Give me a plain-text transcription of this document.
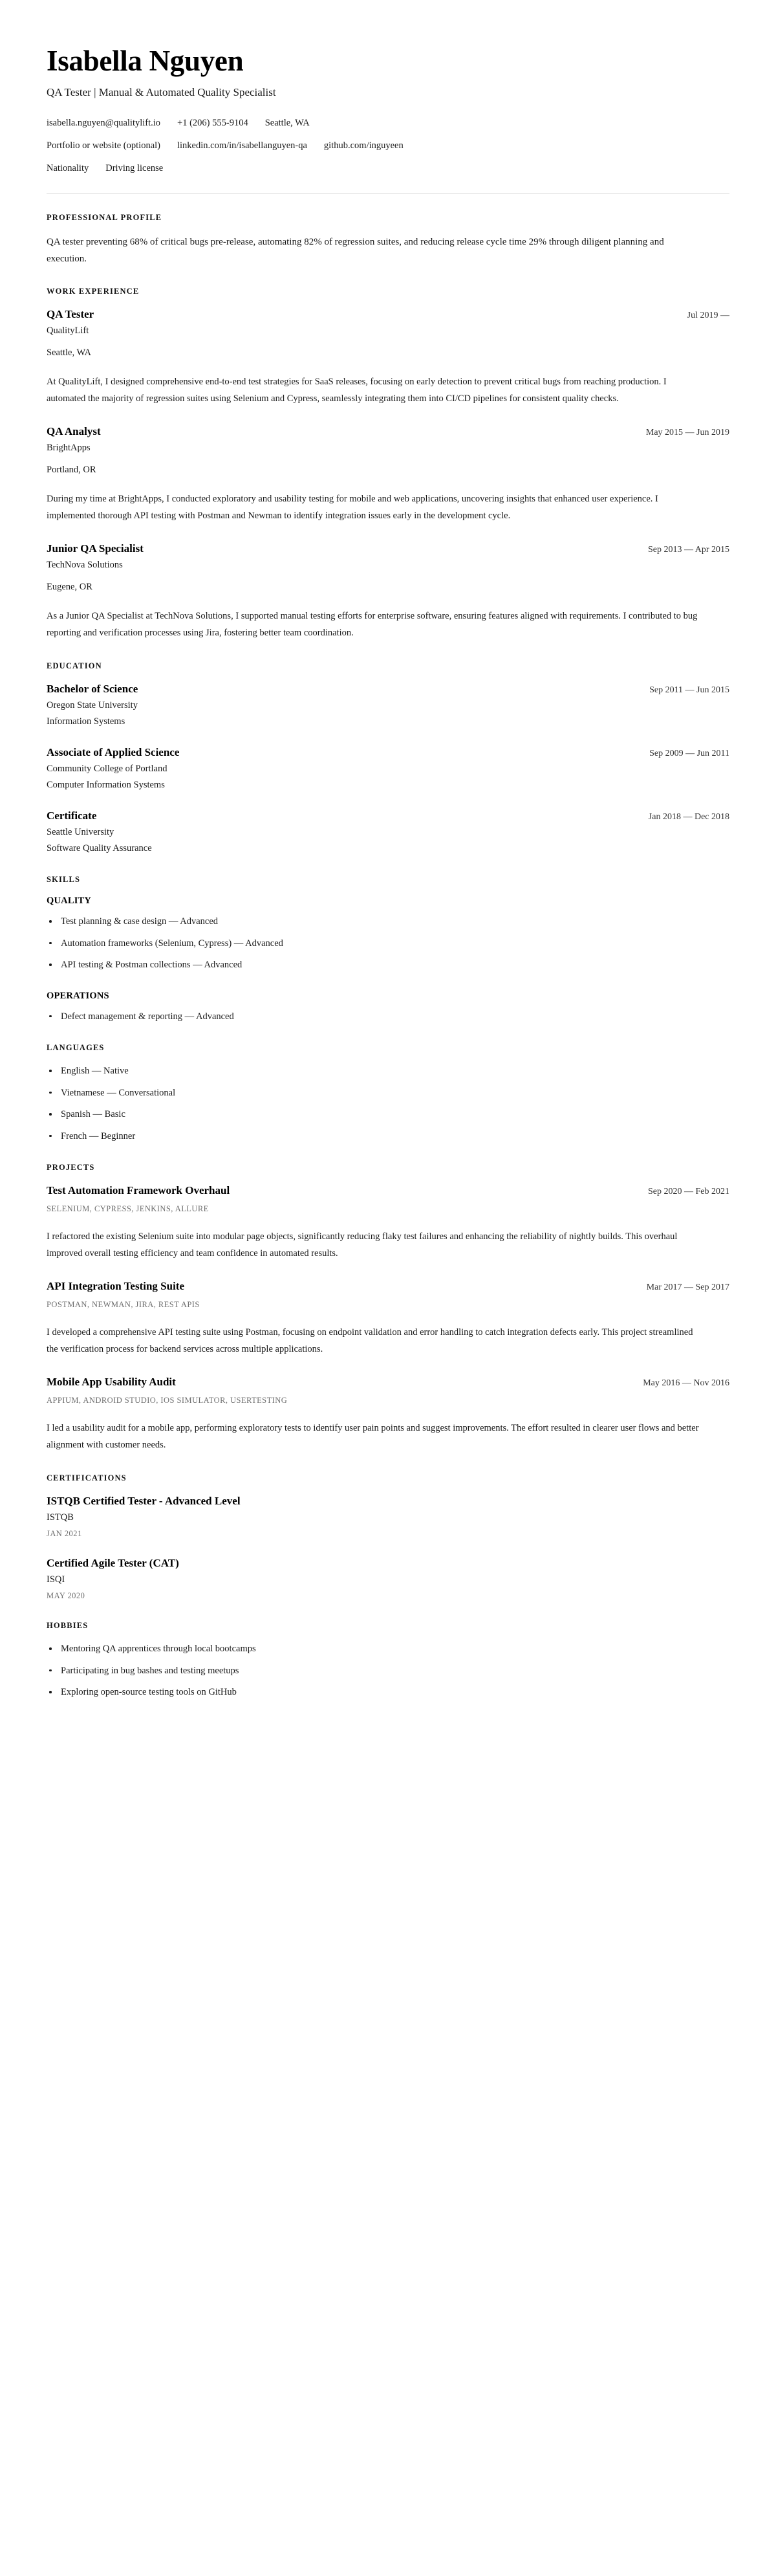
Isabella Nguyen
QA Tester | Manual & Automated Quality Specialist
isabella.nguyen@qualitylift.io +1 (206) 555-9104 Seattle, WA
Portfolio or website (optional) linkedin.com/in/isabellanguyen-qa github.com/inguyeen
Nationality Driving license
PROFESSIONAL PROFILE

QA tester preventing 68% of critical bugs pre-release, automating 82% of regression suites, and reducing release cycle time 29% through diligent planning and execution.

WORK EXPERIENCE
QA Tester	Jul 2019 —
QualityLift
Seattle, WA

At QualityLift, I designed comprehensive end-to-end test strategies for SaaS releases, focusing on early detection to prevent critical bugs from reaching production. I automated the majority of regression suites using Selenium and Cypress, seamlessly integrating them into CI/CD pipelines for consistent quality checks.

QA Analyst	May 2015 — Jun 2019
BrightApps
Portland, OR

During my time at BrightApps, I conducted exploratory and usability testing for mobile and web applications, uncovering insights that enhanced user experience. I implemented thorough API testing with Postman and Newman to identify integration issues early in the development cycle.

Junior QA Specialist	Sep 2013 — Apr 2015
TechNova Solutions
Eugene, OR

As a Junior QA Specialist at TechNova Solutions, I supported manual testing efforts for enterprise software, ensuring features aligned with requirements. I contributed to bug reporting and verification processes using Jira, fostering better team coordination.

EDUCATION
Bachelor of Science	Sep 2011 — Jun 2015
Oregon State University
Information Systems
Associate of Applied Science	Sep 2009 — Jun 2011
Community College of Portland
Computer Information Systems
Certificate	Jan 2018 — Dec 2018
Seattle University
Software Quality Assurance
SKILLS
QUALITY
Test planning & case design — Advanced
Automation frameworks (Selenium, Cypress) — Advanced
API testing & Postman collections — Advanced
OPERATIONS
Defect management & reporting — Advanced
LANGUAGES
English — Native
Vietnamese — Conversational
Spanish — Basic
French — Beginner
PROJECTS
Test Automation Framework Overhaul	Sep 2020 — Feb 2021
SELENIUM, CYPRESS, JENKINS, ALLURE

I refactored the existing Selenium suite into modular page objects, significantly reducing flaky test failures and enhancing the reliability of nightly builds. This overhaul improved overall testing efficiency and team confidence in automated results.

API Integration Testing Suite	Mar 2017 — Sep 2017
POSTMAN, NEWMAN, JIRA, REST APIS

I developed a comprehensive API testing suite using Postman, focusing on endpoint validation and error handling to catch integration defects early. This project streamlined the verification process for backend services across multiple applications.

Mobile App Usability Audit	May 2016 — Nov 2016
APPIUM, ANDROID STUDIO, IOS SIMULATOR, USERTESTING

I led a usability audit for a mobile app, performing exploratory tests to identify user pain points and suggest improvements. The effort resulted in clearer user flows and better alignment with customer needs.

CERTIFICATIONS
ISTQB Certified Tester - Advanced Level
ISTQB
JAN 2021
Certified Agile Tester (CAT)
ISQI
MAY 2020
HOBBIES
Mentoring QA apprentices through local bootcamps
Participating in bug bashes and testing meetups
Exploring open-source testing tools on GitHub
